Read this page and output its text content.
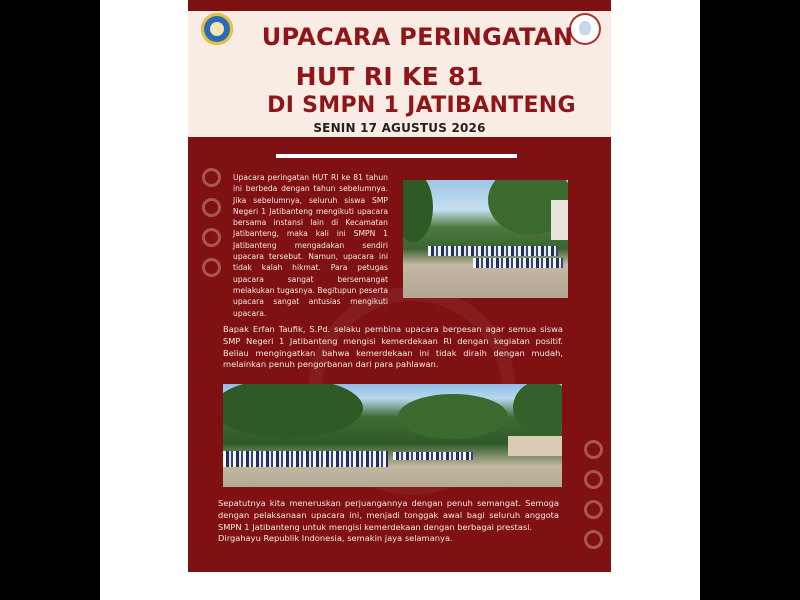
UPACARA PERINGATAN
HUT RI KE 81
DI SMPN 1 JATIBANTENG
SENIN 17 AGUSTUS 2026
Upacara peringatan HUT RI ke 81 tahun ini berbeda dengan tahun sebelumnya. Jika sebelumnya, seluruh siswa SMP Negeri 1 Jatibanteng mengikuti upacara bersama instansi lain di Kecamatan Jatibanteng, maka kali ini SMPN 1 Jatibanteng mengadakan sendiri upacara tersebut. Namun, upacara ini tidak kalah hikmat. Para petugas upacara sangat bersemangat melakukan tugasnya. Begitupun peserta upacara sangat antusias mengikuti upacara.
Bapak Erfan Taufik, S.Pd. selaku pembina upacara berpesan agar semua siswa SMP Negeri 1 Jatibanteng mengisi kemerdekaan RI dengan kegiatan positif. Beliau mengingatkan bahwa kemerdekaan ini tidak diraih dengan mudah, melainkan penuh pengorbanan dari para pahlawan.
Sepatutnya kita meneruskan perjuangannya dengan penuh semangat. Semoga dengan pelaksanaan upacara ini, menjadi tonggak awal bagi seluruh anggota SMPN 1 Jatibanteng untuk mengisi kemerdekaan dengan berbagai prestasi.
Dirgahayu Republik Indonesia, semakin jaya selamanya.
